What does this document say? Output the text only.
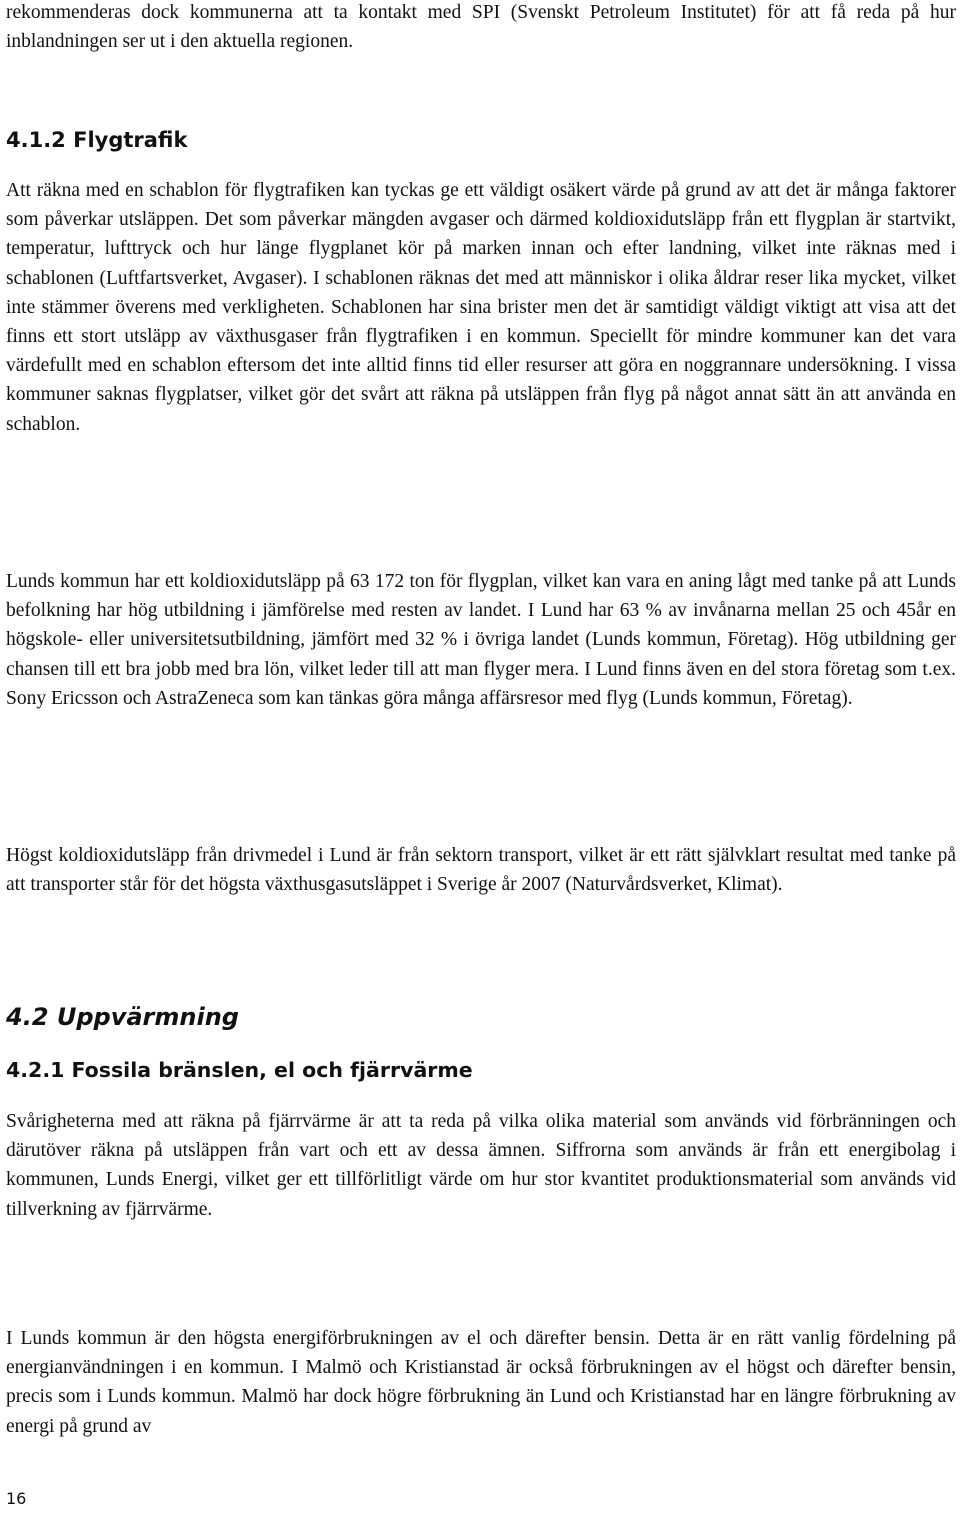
rekommenderas dock kommunerna att ta kontakt med SPI (Svenskt Petroleum Institutet) för att få reda på hur inblandningen ser ut i den aktuella regionen.

4.1.2 Flygtrafik

Att räkna med en schablon för flygtrafiken kan tyckas ge ett väldigt osäkert värde på grund av att det är många faktorer som påverkar utsläppen. Det som påverkar mängden avgaser och därmed koldioxidutsläpp från ett flygplan är startvikt, temperatur, lufttryck och hur länge flygplanet kör på marken innan och efter landning, vilket inte räknas med i schablonen (Luftfartsverket, Avgaser). I schablonen räknas det med att människor i olika åldrar reser lika mycket, vilket inte stämmer överens med verkligheten. Schablonen har sina brister men det är samtidigt väldigt viktigt att visa att det finns ett stort utsläpp av växthusgaser från flygtrafiken i en kommun. Speciellt för mindre kommuner kan det vara värdefullt med en schablon eftersom det inte alltid finns tid eller resurser att göra en noggrannare undersökning. I vissa kommuner saknas flygplatser, vilket gör det svårt att räkna på utsläppen från flyg på något annat sätt än att använda en schablon.

Lunds kommun har ett koldioxidutsläpp på 63 172 ton för flygplan, vilket kan vara en aning lågt med tanke på att Lunds befolkning har hög utbildning i jämförelse med resten av landet. I Lund har 63 % av invånarna mellan 25 och 45år en högskole- eller universitetsutbildning, jämfört med 32 % i övriga landet (Lunds kommun, Företag). Hög utbildning ger chansen till ett bra jobb med bra lön, vilket leder till att man flyger mera. I Lund finns även en del stora företag som t.ex. Sony Ericsson och AstraZeneca som kan tänkas göra många affärsresor med flyg (Lunds kommun, Företag).

Högst koldioxidutsläpp från drivmedel i Lund är från sektorn transport, vilket är ett rätt självklart resultat med tanke på att transporter står för det högsta växthusgasutsläppet i Sverige år 2007 (Naturvårdsverket, Klimat).

4.2 Uppvärmning
4.2.1 Fossila bränslen, el och fjärrvärme

Svårigheterna med att räkna på fjärrvärme är att ta reda på vilka olika material som används vid förbränningen och därutöver räkna på utsläppen från vart och ett av dessa ämnen. Siffrorna som används är från ett energibolag i kommunen, Lunds Energi, vilket ger ett tillförlitligt värde om hur stor kvantitet produktionsmaterial som används vid tillverkning av fjärrvärme.

I Lunds kommun är den högsta energiförbrukningen av el och därefter bensin. Detta är en rätt vanlig fördelning på energianvändningen i en kommun. I Malmö och Kristianstad är också förbrukningen av el högst och därefter bensin, precis som i Lunds kommun. Malmö har dock högre förbrukning än Lund och Kristianstad har en längre förbrukning av energi på grund av

16
